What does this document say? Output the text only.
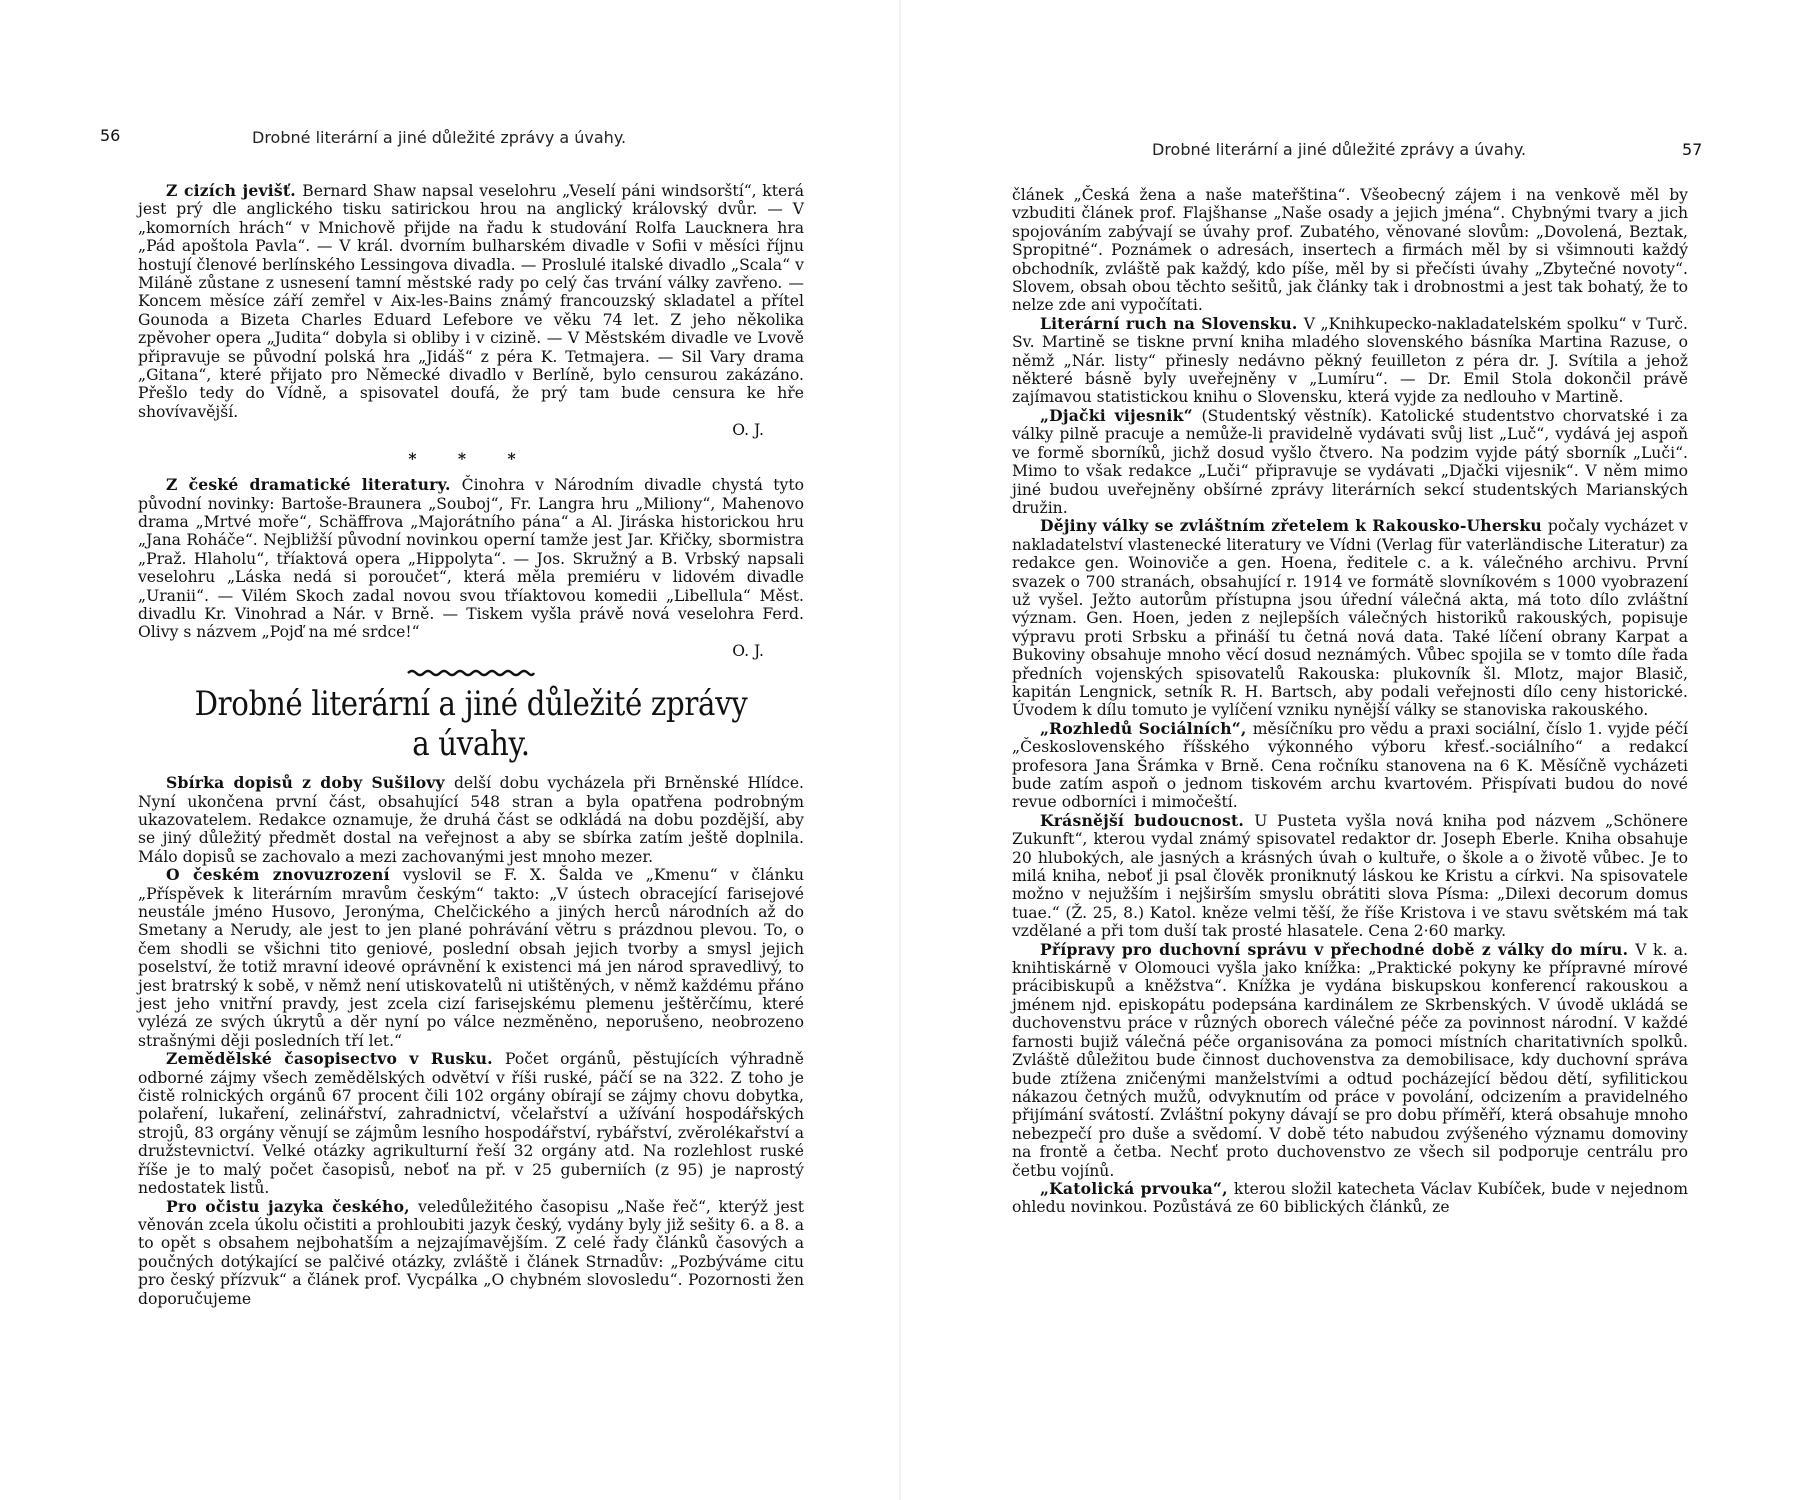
56	Drobné literární a jiné důležité zprávy a úvahy.

Z cizích jevišť. Bernard Shaw napsal veselohru „Veselí páni windsorští“, která jest prý dle anglického tisku satirickou hrou na anglický královský dvůr. — V „komorních hrách“ v Mnichově přijde na řadu k studování Rolfa Laucknera hra „Pád apoštola Pavla“. — V král. dvorním bulharském divadle v Sofii v měsíci říjnu hostují členové berlínského Lessingova divadla. — Proslulé italské divadlo „Scala“ v Miláně zůstane z usnesení tamní městské rady po celý čas trvání války zavřeno. — Koncem měsíce září zemřel v Aix-les-Bains známý francouzský skladatel a přítel Gounoda a Bizeta Charles Eduard Lefebore ve věku 74 let. Z jeho několika zpěvoher opera „Judita“ dobyla si obliby i v cizině. — V Městském divadle ve Lvově připravuje se původní polská hra „Jidáš“ z péra K. Tetmajera. — Sil Vary drama „Gitana“, které přijato pro Německé divadlo v Berlíně, bylo censurou zakázáno. Přešlo tedy do Vídně, a spisovatel doufá, že prý tam bude censura ke hře shovívavější.
O. J.

* * *

Z české dramatické literatury. Činohra v Národním divadle chystá tyto původní novinky: Bartoše-Braunera „Souboj“, Fr. Langra hru „Miliony“, Mahenovo drama „Mrtvé moře“, Schäffrova „Majorátního pána“ a Al. Jiráska historickou hru „Jana Roháče“. Nejbližší původní novinkou operní tamže jest Jar. Křičky, sbormistra „Praž. Hlaholu“, tříaktová opera „Hippolyta“. — Jos. Skružný a B. Vrbský napsali veselohru „Láska nedá si poroučet“, která měla premiéru v lidovém divadle „Uranii“. — Vilém Skoch zadal novou svou tříaktovou komedii „Libellula“ Měst. divadlu Kr. Vinohrad a Nár. v Brně. — Tiskem vyšla právě nová veselohra Ferd. Olivy s názvem „Pojď na mé srdce!“
O. J.

Drobné literární a jiné důležité zprávy a úvahy.

Sbírka dopisů z doby Sušilovy delší dobu vycházela při Brněnské Hlídce. Nyní ukončena první část, obsahující 548 stran a byla opatřena podrobným ukazovatelem. Redakce oznamuje, že druhá část se odkládá na dobu pozdější, aby se jiný důležitý předmět dostal na veřejnost a aby se sbírka zatím ještě doplnila. Málo dopisů se zachovalo a mezi zachovanými jest mnoho mezer.

O českém znovuzrození vyslovil se F. X. Šalda ve „Kmenu“ v článku „Příspěvek k literárním mravům českým“ takto: „V ústech obracející farisejové neustále jméno Husovo, Jeronýma, Chelčického a jiných herců národních až do Smetany a Nerudy, ale jest to jen plané pohrávání větru s prázdnou plevou. To, o čem shodli se všichni tito geniové, poslední obsah jejich tvorby a smysl jejich poselství, že totiž mravní ideové oprávnění k existenci má jen národ spravedlivý, to jest bratrský k sobě, v němž není utiskovatelů ni utištěných, v němž každému přáno jest jeho vnitřní pravdy, jest zcela cizí farisejskému plemenu ještěrčímu, které vylézá ze svých úkrytů a děr nyní po válce nezměněno, neporušeno, neobrozeno strašnými ději posledních tří let.“

Zemědělské časopisectvo v Rusku. Počet orgánů, pěstujících výhradně odborné zájmy všech zemědělských odvětví v říši ruské, páčí se na 322. Z toho je čistě rolnických orgánů 67 procent čili 102 orgány obírají se zájmy chovu dobytka, polaření, lukaření, zelinářství, zahradnictví, včelařství a užívání hospodářských strojů, 83 orgány věnují se zájmům lesního hospodářství, rybářství, zvěrolékařství a družstevnictví. Velké otázky agrikulturní řeší 32 orgány atd. Na rozlehlost ruské říše je to malý počet časopisů, neboť na př. v 25 guberniích (z 95) je naprostý nedostatek listů.

Pro očistu jazyka českého, veledůležitého časopisu „Naše řeč“, kterýž jest věnován zcela úkolu očistiti a prohloubiti jazyk český, vydány byly již sešity 6. a 8. a to opět s obsahem nejbohatším a nejzajímavějším. Z celé řady článků časových a poučných dotýkající se palčivé otázky, zvláště i článek Strnadův: „Pozbýváme citu pro český přízvuk“ a článek prof. Vycpálka „O chybném slovosledu“. Pozornosti žen doporučujeme

Drobné literární a jiné důležité zprávy a úvahy.	57

článek „Česká žena a naše mateřština“. Všeobecný zájem i na venkově měl by vzbuditi článek prof. Flajšhanse „Naše osady a jejich jména“. Chybnými tvary a jich spojováním zabývají se úvahy prof. Zubatého, věnované slovům: „Dovolená, Beztak, Spropitné“. Poznámek o adresách, insertech a firmách měl by si všimnouti každý obchodník, zvláště pak každý, kdo píše, měl by si přečísti úvahy „Zbytečné novoty“. Slovem, obsah obou těchto sešitů, jak články tak i drobnostmi a jest tak bohatý, že to nelze zde ani vypočítati.

Literární ruch na Slovensku. V „Knihkupecko-nakladatelském spolku“ v Turč. Sv. Martině se tiskne první kniha mladého slovenského básníka Martina Razuse, o němž „Nár. listy“ přinesly nedávno pěkný feuilleton z péra dr. J. Svítila a jehož některé básně byly uveřejněny v „Lumíru“. — Dr. Emil Stola dokončil právě zajímavou statistickou knihu o Slovensku, která vyjde za nedlouho v Martině.

„Djački vijesnik“ (Studentský věstník). Katolické studentstvo chorvatské i za války pilně pracuje a nemůže-li pravidelně vydávati svůj list „Luč“, vydává jej aspoň ve formě sborníků, jichž dosud vyšlo čtvero. Na podzim vyjde pátý sborník „Luči“. Mimo to však redakce „Luči“ připravuje se vydávati „Djački vijesnik“. V něm mimo jiné budou uveřejněny obšírné zprávy literárních sekcí studentských Marianských družin.

Dějiny války se zvláštním zřetelem k Rakousko-Uhersku počaly vycházet v nakladatelství vlastenecké literatury ve Vídni (Verlag für vaterländische Literatur) za redakce gen. Woinoviče a gen. Hoena, ředitele c. a k. válečného archivu. První svazek o 700 stranách, obsahující r. 1914 ve formátě slovníkovém s 1000 vyobrazení už vyšel. Ježto autorům přístupna jsou úřední válečná akta, má toto dílo zvláštní význam. Gen. Hoen, jeden z nejlepších válečných historiků rakouských, popisuje výpravu proti Srbsku a přináší tu četná nová data. Také líčení obrany Karpat a Bukoviny obsahuje mnoho věcí dosud neznámých. Vůbec spojila se v tomto díle řada předních vojenských spisovatelů Rakouska: plukovník šl. Mlotz, major Blasič, kapitán Lengnick, setník R. H. Bartsch, aby podali veřejnosti dílo ceny historické. Úvodem k dílu tomuto je vylíčení vzniku nynější války se stanoviska rakouského.

„Rozhledů Sociálních“, měsíčníku pro vědu a praxi sociální, číslo 1. vyjde péčí „Československého říšského výkonného výboru křesť.-sociálního“ a redakcí profesora Jana Šrámka v Brně. Cena ročníku stanovena na 6 K. Měsíčně vycházeti bude zatím aspoň o jednom tiskovém archu kvartovém. Přispívati budou do nové revue odborníci i mimočeští.

Krásnější budoucnost. U Pusteta vyšla nová kniha pod názvem „Schönere Zukunft“, kterou vydal známý spisovatel redaktor dr. Joseph Eberle. Kniha obsahuje 20 hlubokých, ale jasných a krásných úvah o kultuře, o škole a o životě vůbec. Je to milá kniha, neboť ji psal člověk proniknutý láskou ke Kristu a církvi. Na spisovatele možno v nejužším i nejširším smyslu obrátiti slova Písma: „Dilexi decorum domus tuae.“ (Ž. 25, 8.) Katol. kněze velmi těší, že říše Kristova i ve stavu světském má tak vzdělané a při tom duší tak prosté hlasatele. Cena 2·60 marky.

Přípravy pro duchovní správu v přechodné době z války do míru. V k. a. knihtiskárně v Olomouci vyšla jako knížka: „Praktické pokyny ke přípravné mírové prácibiskupů a kněžstva“. Knížka je vydána biskupskou konferencí rakouskou a jménem njd. episkopátu podepsána kardinálem ze Skrbenských. V úvodě ukládá se duchovenstvu práce v různých oborech válečné péče za povinnost národní. V každé farnosti bujiž válečná péče organisována za pomoci místních charitativních spolků. Zvláště důležitou bude činnost duchovenstva za demobilisace, kdy duchovní správa bude ztížena zničenými manželstvími a odtud pocházející bědou dětí, syfilitickou nákazou četných mužů, odvyknutím od práce v povolání, odcizením a pravidelného přijímání svátostí. Zvláštní pokyny dávají se pro dobu příměří, která obsahuje mnoho nebezpečí pro duše a svědomí. V době této nabudou zvýšeného významu domoviny na frontě a četba. Nechť proto duchovenstvo ze všech sil podporuje centrálu pro četbu vojínů.

„Katolická prvouka“, kterou složil katecheta Václav Kubíček, bude v nejednom ohledu novinkou. Pozůstává ze 60 biblických článků, ze
